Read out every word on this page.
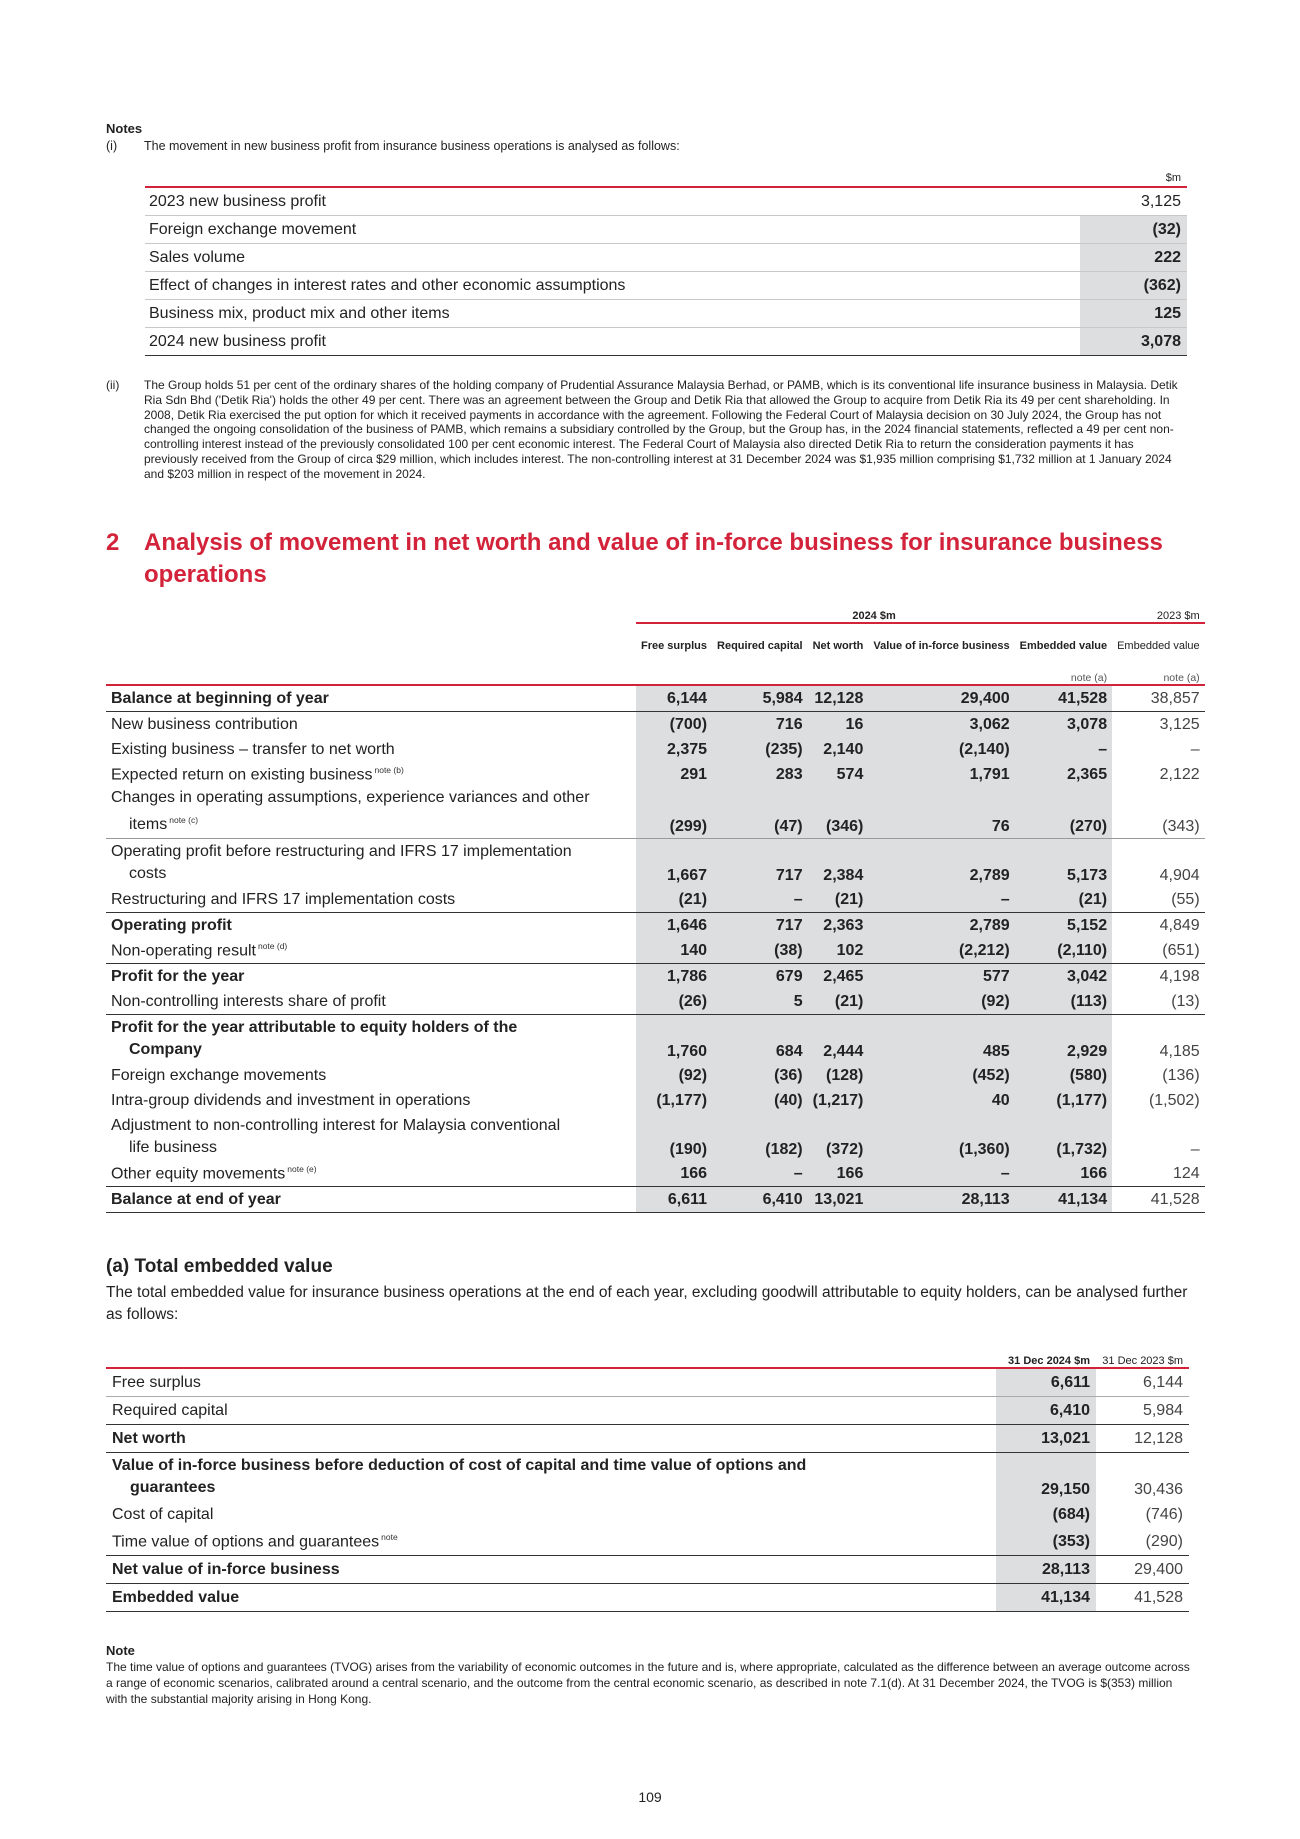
Notes
(i) The movement in new business profit from insurance business operations is analysed as follows:
	$m
2023 new business profit	3,125
Foreign exchange movement	(32)
Sales volume	222
Effect of changes in interest rates and other economic assumptions	(362)
Business mix, product mix and other items	125
2024 new business profit	3,078
(ii)	The Group holds 51 per cent of the ordinary shares of the holding company of Prudential Assurance Malaysia Berhad, or PAMB, which is its conventional life insurance business in Malaysia. Detik Ria Sdn Bhd ('Detik Ria') holds the other 49 per cent. There was an agreement between the Group and Detik Ria that allowed the Group to acquire from Detik Ria its 49 per cent shareholding. In 2008, Detik Ria exercised the put option for which it received payments in accordance with the agreement. Following the Federal Court of Malaysia decision on 30 July 2024, the Group has not changed the ongoing consolidation of the business of PAMB, which remains a subsidiary controlled by the Group, but the Group has, in the 2024 financial statements, reflected a 49 per cent non-controlling interest instead of the previously consolidated 100 per cent economic interest. The Federal Court of Malaysia also directed Detik Ria to return the consideration payments it has previously received from the Group of circa $29 million, which includes interest. The non-controlling interest at 31 December 2024 was $1,935 million comprising $1,732 million at 1 January 2024 and $203 million in respect of the movement in 2024.
2	Analysis of movement in net worth and value of in-force business for insurance business operations
	2024 $m					2023 $m
	Free surplus	Required capital	Net worth	Value of in-force business	Embedded value	Embedded value
					note (a)	note (a)
Balance at beginning of year	6,144	5,984	12,128	29,400	41,528	38,857
New business contribution	(700)	716	16	3,062	3,078	3,125
Existing business – transfer to net worth	2,375	(235)	2,140	(2,140)	–	–
Expected return on existing business $^{note (b)}$	291	283	574	1,791	2,365	2,122

Changes in operating assumptions, experience variances and other
items $^{note (c)}$	(299)	(47)	(346)	76	(270)	(343)

Operating profit before restructuring and IFRS 17 implementation
costs	1,667	717	2,384	2,789	5,173	4,904
Restructuring and IFRS 17 implementation costs	(21)	–	(21)	–	(21)	(55)
Operating profit	1,646	717	2,363	2,789	5,152	4,849
Non-operating result $^{note (d)}$	140	(38)	102	(2,212)	(2,110)	(651)
Profit for the year	1,786	679	2,465	577	3,042	4,198
Non-controlling interests share of profit	(26)	5	(21)	(92)	(113)	(13)

Profit for the year attributable to equity holders of the
Company	1,760	684	2,444	485	2,929	4,185
Foreign exchange movements	(92)	(36)	(128)	(452)	(580)	(136)
Intra-group dividends and investment in operations	(1,177)	(40)	(1,217)	40	(1,177)	(1,502)

Adjustment to non-controlling interest for Malaysia conventional
life business	(190)	(182)	(372)	(1,360)	(1,732)	–
Other equity movements $^{note (e)}$	166	–	166	–	166	124
Balance at end of year	6,611	6,410	13,021	28,113	41,134	41,528
(a) Total embedded value
The total embedded value for insurance business operations at the end of each year, excluding goodwill attributable to equity holders, can be analysed further as follows:
	31 Dec 2024 $m	31 Dec 2023 $m
Free surplus	6,611	6,144
Required capital	6,410	5,984
Net worth	13,021	12,128

Value of in-force business before deduction of cost of capital and time value of options and
guarantees	29,150	30,436
Cost of capital	(684)	(746)
Time value of options and guarantees $^{note}$	(353)	(290)
Net value of in-force business	28,113	29,400
Embedded value	41,134	41,528
Note
The time value of options and guarantees (TVOG) arises from the variability of economic outcomes in the future and is, where appropriate, calculated as the difference between an average outcome across a range of economic scenarios, calibrated around a central scenario, and the outcome from the central economic scenario, as described in note 7.1(d). At 31 December 2024, the TVOG is $(353) million with the substantial majority arising in Hong Kong.
109
